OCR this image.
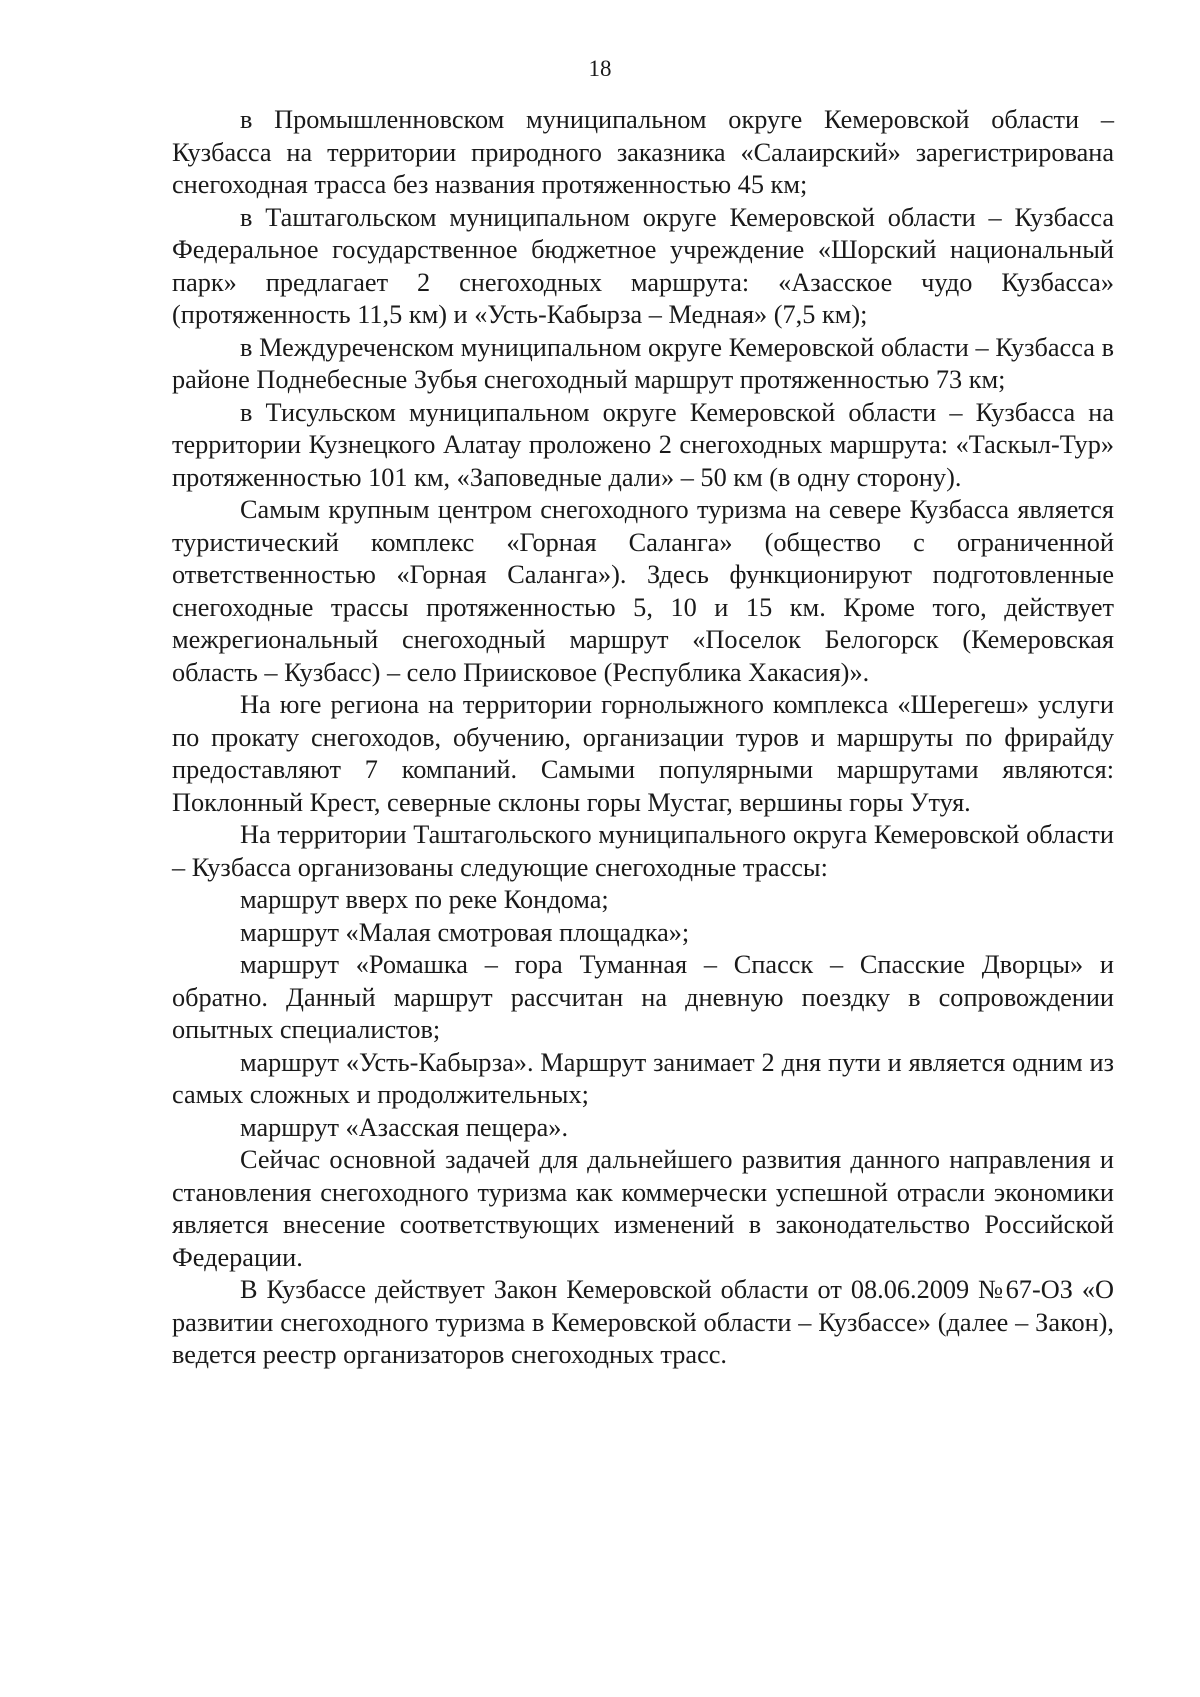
18

в Промышленновском муниципальном округе Кемеровской области – Кузбасса на территории природного заказника «Салаирский» зарегистрирована снегоходная трасса без названия протяженностью 45 км;

в Таштагольском муниципальном округе Кемеровской области – Кузбасса Федеральное государственное бюджетное учреждение «Шорский национальный парк» предлагает 2 снегоходных маршрута: «Азасское чудо Кузбасса» (протяженность 11,5 км) и «Усть-Кабырза – Медная» (7,5 км);

в Междуреченском муниципальном округе Кемеровской области – Кузбасса в районе Поднебесные Зубья снегоходный маршрут протяженностью 73 км;

в Тисульском муниципальном округе Кемеровской области – Кузбасса на территории Кузнецкого Алатау проложено 2 снегоходных маршрута: «Таскыл-Тур» протяженностью 101 км, «Заповедные дали» – 50 км (в одну сторону).

Самым крупным центром снегоходного туризма на севере Кузбасса является туристический комплекс «Горная Саланга» (общество с ограниченной ответственностью «Горная Саланга»). Здесь функционируют подготовленные снегоходные трассы протяженностью 5, 10 и 15 км. Кроме того, действует межрегиональный снегоходный маршрут «Поселок Белогорск (Кемеровская область – Кузбасс) – село Приисковое (Республика Хакасия)».

На юге региона на территории горнолыжного комплекса «Шерегеш» услуги по прокату снегоходов, обучению, организации туров и маршруты по фрирайду предоставляют 7 компаний. Самыми популярными маршрутами являются: Поклонный Крест, северные склоны горы Мустаг, вершины горы Утуя.

На территории Таштагольского муниципального округа Кемеровской области – Кузбасса организованы следующие снегоходные трассы:

маршрут вверх по реке Кондома;

маршрут «Малая смотровая площадка»;

маршрут «Ромашка – гора Туманная – Спасск – Спасские Дворцы» и обратно. Данный маршрут рассчитан на дневную поездку в сопровождении опытных специалистов;

маршрут «Усть-Кабырза». Маршрут занимает 2 дня пути и является одним из самых сложных и продолжительных;

маршрут «Азасская пещера».

Сейчас основной задачей для дальнейшего развития данного направления и становления снегоходного туризма как коммерчески успешной отрасли экономики является внесение соответствующих изменений в законодательство Российской Федерации.

В Кузбассе действует Закон Кемеровской области от 08.06.2009 №67-ОЗ «О развитии снегоходного туризма в Кемеровской области – Кузбассе» (далее – Закон), ведется реестр организаторов снегоходных трасс.
